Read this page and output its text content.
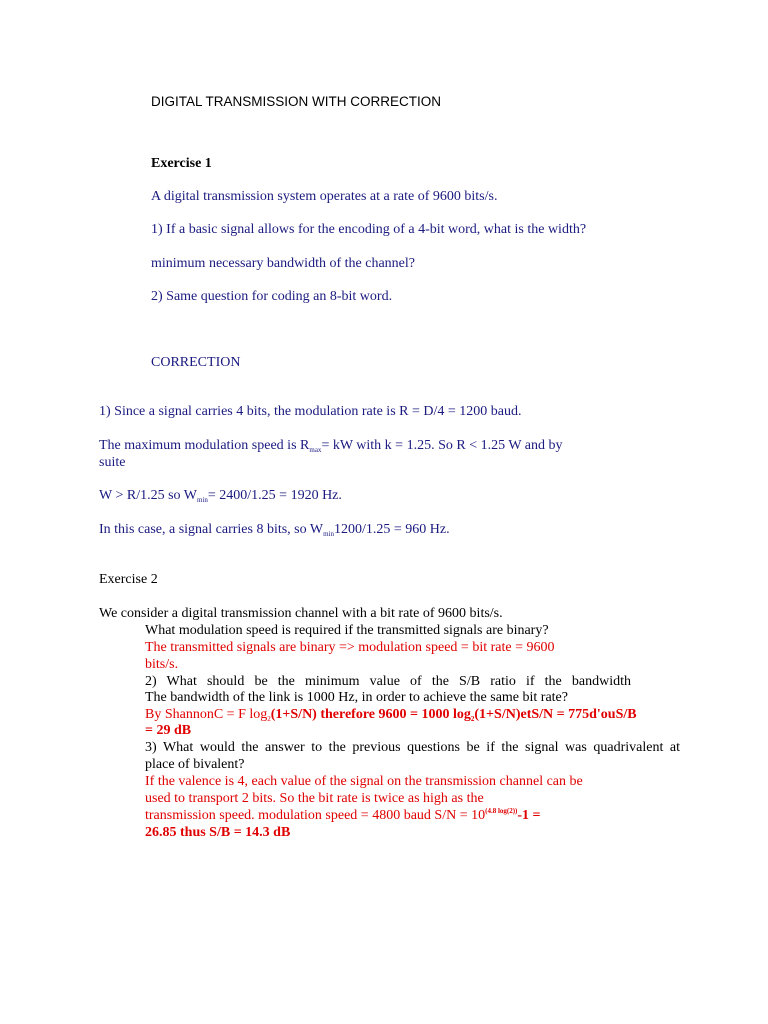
DIGITAL TRANSMISSION WITH CORRECTION
Exercise 1
A digital transmission system operates at a rate of 9600 bits/s.
1) If a basic signal allows for the encoding of a 4-bit word, what is the width?
minimum necessary bandwidth of the channel?
2) Same question for coding an 8-bit word.
CORRECTION
1) Since a signal carries 4 bits, the modulation rate is R = D/4 = 1200 baud.
The maximum modulation speed is $R_{max}=$ kW with k = 1.25. So R < 1.25 W and by
suite
W > R/1.25 so $W_{min}= 2400/1.25 = 1920$ Hz.
In this case, a signal carries 8 bits, so $W_{min}1200/1.25 = 960$ Hz.
Exercise 2
We consider a digital transmission channel with a bit rate of 9600 bits/s.
What modulation speed is required if the transmitted signals are binary?
The transmitted signals are binary => modulation speed = bit rate = 9600
bits/s.
2) What should be the minimum value of the S/B ratio if the bandwidth
The bandwidth of the link is 1000 Hz, in order to achieve the same bit rate?
By ShannonC = F $\log_2(1+S/N)$ therefore 9600 = 1000 $\log_2(1+S/N)etS/N = 775d'ouS/B$
= 29 dB
3) What would the answer to the previous questions be if the signal was quadrivalent at
place of bivalent?
If the valence is 4, each value of the signal on the transmission channel can be
used to transport 2 bits. So the bit rate is twice as high as the
transmission speed. modulation speed = 4800 baud $S/N = 10^{(4.8 log(2))}-1$ =
26.85 thus S/B = 14.3 dB
